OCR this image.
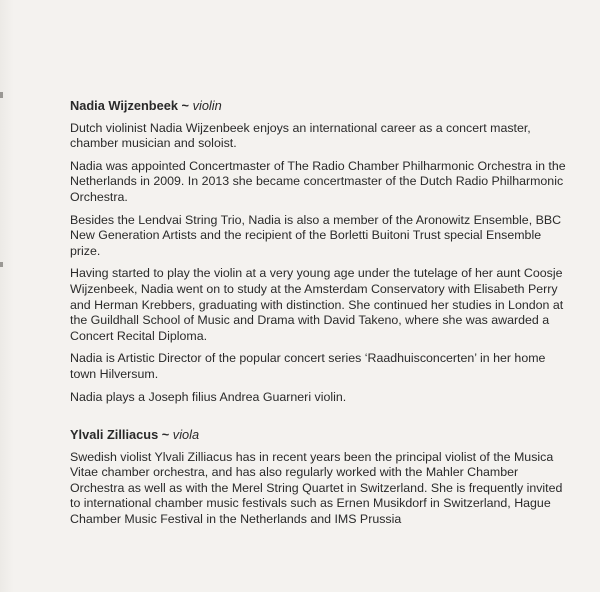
Nadia Wijzenbeek ~ violin

Dutch violinist Nadia Wijzenbeek enjoys an international career as a concert master, chamber musician and soloist.

Nadia was appointed Concertmaster of The Radio Chamber Philharmonic Orchestra in the Netherlands in 2009. In 2013 she became concertmaster of the Dutch Radio Philharmonic Orchestra.

Besides the Lendvai String Trio, Nadia is also a member of the Aronowitz Ensemble, BBC New Generation Artists and the recipient of the Borletti Buitoni Trust special Ensemble prize.

Having started to play the violin at a very young age under the tutelage of her aunt Coosje Wijzenbeek, Nadia went on to study at the Amsterdam Conservatory with Elisabeth Perry and Herman Krebbers, graduating with distinction. She continued her studies in London at the Guildhall School of Music and Drama with David Takeno, where she was awarded a Concert Recital Diploma.

Nadia is Artistic Director of the popular concert series ‘Raadhuisconcerten’ in her home town Hilversum.

Nadia plays a Joseph filius Andrea Guarneri violin.

Ylvali Zilliacus ~ viola

Swedish violist Ylvali Zilliacus has in recent years been the principal violist of the Musica Vitae chamber orchestra, and has also regularly worked with the Mahler Chamber Orchestra as well as with the Merel String Quartet in Switzerland. She is frequently invited to international chamber music festivals such as Ernen Musikdorf in Switzerland, Hague Chamber Music Festival in the Netherlands and IMS Prussia
